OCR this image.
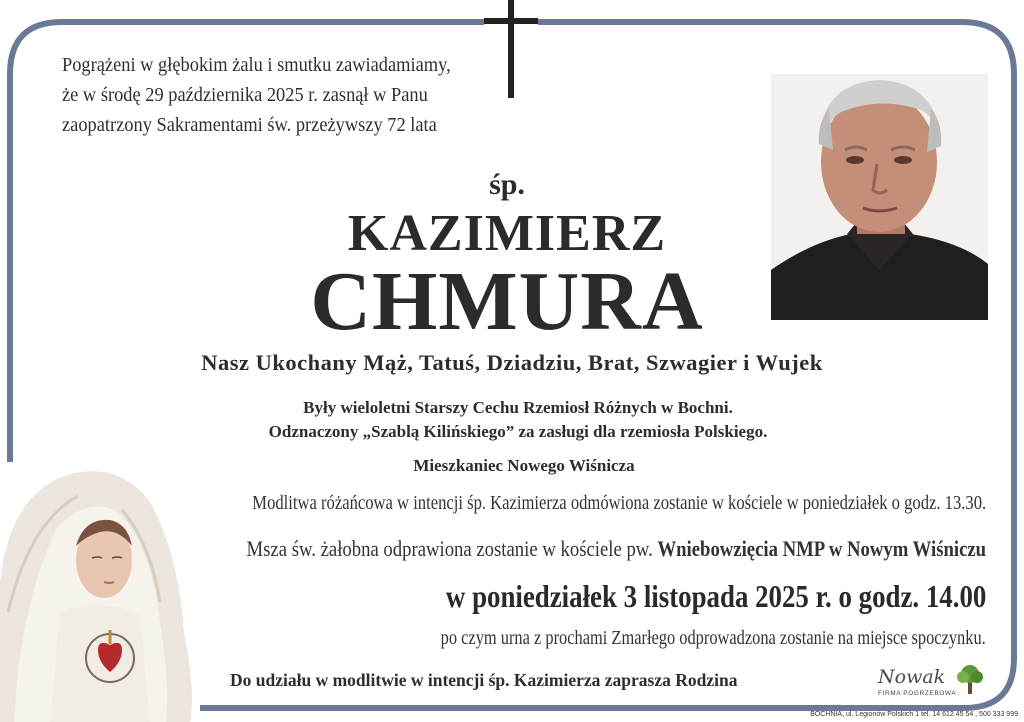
Pogrążeni w głębokim żalu i smutku zawiadamiamy,
że w środę 29 października 2025 r. zasnął w Panu
zaopatrzony Sakramentami św. przeżywszy 72 lata
śp.
KAZIMIERZ
CHMURA
Nasz Ukochany Mąż, Tatuś, Dziadziu, Brat, Szwagier i Wujek
Były wieloletni Starszy Cechu Rzemiosł Różnych w Bochni.
Odznaczony „Szablą Kilińskiego” za zasługi dla rzemiosła Polskiego.
Mieszkaniec Nowego Wiśnicza
Modlitwa różańcowa w intencji śp. Kazimierza odmówiona zostanie w kościele w poniedziałek o godz. 13.30.
Msza św. żałobna odprawiona zostanie w kościele pw. Wniebowzięcia NMP w Nowym Wiśniczu
w poniedziałek 3 listopada 2025 r. o godz. 14.00
po czym urna z prochami Zmarłego odprowadzona zostanie na miejsce spoczynku.
Do udziału w modlitwie w intencji śp. Kazimierza zaprasza Rodzina	Nowak
FIRMA POGRZEBOWA
BOCHNIA, ul. Legionów Polskich 1 tel. 14 612 45 54 , 500 333 999
